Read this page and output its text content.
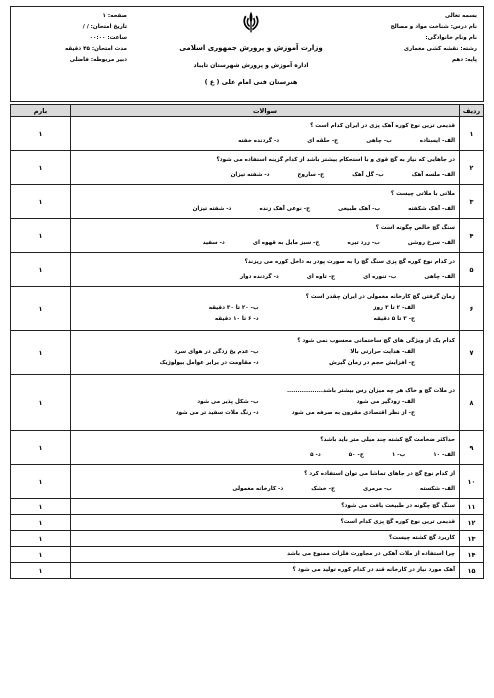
بسمه تعالی
نام درس: شناخت مواد و مصالح
نام ونام خانوادگی:
رشته: نقشه کشی معماری
پایه: دهم
وزارت آموزش و پرورش جمهوری اسلامی
اداره آموزش و پرورش شهرستان تایباد
هنرستان فنی امام علی ( ع )
صفحه: ۱
تاریخ امتحان: / /
ساعت: ۰۰:۰۰
مدت امتحان: ۴۵ دقیقه
دبیر مربوطه: فاضلی
ردیف	سوالات	بارم
۱	قدیمی ترین نوع کوره آهک پزی در ایران کدام است ؟
الف- ایستاده
ب- چاهی
ج- حلقه ای
د- گردنده خفته	۱
۲	در جاهایی که نیاز به گچ قوی و با استحکام بیشتر باشد از کدام گزینه استفاده می شود؟
الف- ملسه آهک
ب- گل آهک
ج- ساروج
د- شفته تیزان	۱
۳	ملاتی با ملاتی چیست ؟
الف- آهک شکفته
ب- آهک طبیعی
ج- نوعی آهک زنده
د- شفته تیزان	۱
۴	سنگ گچ خالص چگونه است ؟
الف- سرخ روشن
ب- زرد تیره
ج- سبز مایل به قهوه ای
د- سفید	۱
۵	در کدام نوع کوره گچ پزی سنگ گچ را به صورت پودر به داخل کوره می ریزند؟
الف- چاهی
ب- تنوره ای
ج- تاوه ای
د- گردنده دوار	۱
۶	زمان گرفتن گچ کارخانه معمولی در ایران چقدر است ؟
الف- ۲ تا ۳ روز
ب- ۲۰ تا ۳۰ دقیقه
ج- ۳ تا ۵ دقیقه
د- ۶ تا ۱۰ دقیقه	۱
۷	کدام یک از ویژگی های گچ ساختمانی محسوب نمی شود ؟
الف- هدایت حرارتی بالا
ب- عدم یخ زدگی در هوای سرد
ج- افزایش حجم در زمان گیرش
د- مقاومت در برابر عوامل بیولوژیک	۱
۸	در ملات گچ و خاک هر چه میزان رس بیشتر باشد.................
الف- زودگیر می شود
ب- شکل پذیر می شود
ج- از نظر اقتصادی مقرون به صرفه می شود
د- رنگ ملات سفید تر می شود	۱
۹	حداکثر ضخامت گچ کشته چند میلی متر باید باشد؟
الف- ۱۰
ب- ۱
ج- ۵۰
د- ۵	۱
۱۰	از کدام نوع گچ در جاهای تماشا می توان استفاده کرد ؟
الف- شکسته
ب- مرمری
ج- خشک
د- کارخانه معمولی	۱
۱۱	سنگ گچ چگونه در طبیعت یافت می شود؟	۱
۱۲	قدیمی ترین نوع کوره گچ پزی کدام است؟	۱
۱۳	کاربرد گچ کشته چیست؟	۱
۱۴	چرا استفاده از ملات آهکی در مجاورت فلزات ممنوع می باشد	۱
۱۵	آهک مورد نیاز در کارخانه قند در کدام کوره تولید می شود ؟	۱
